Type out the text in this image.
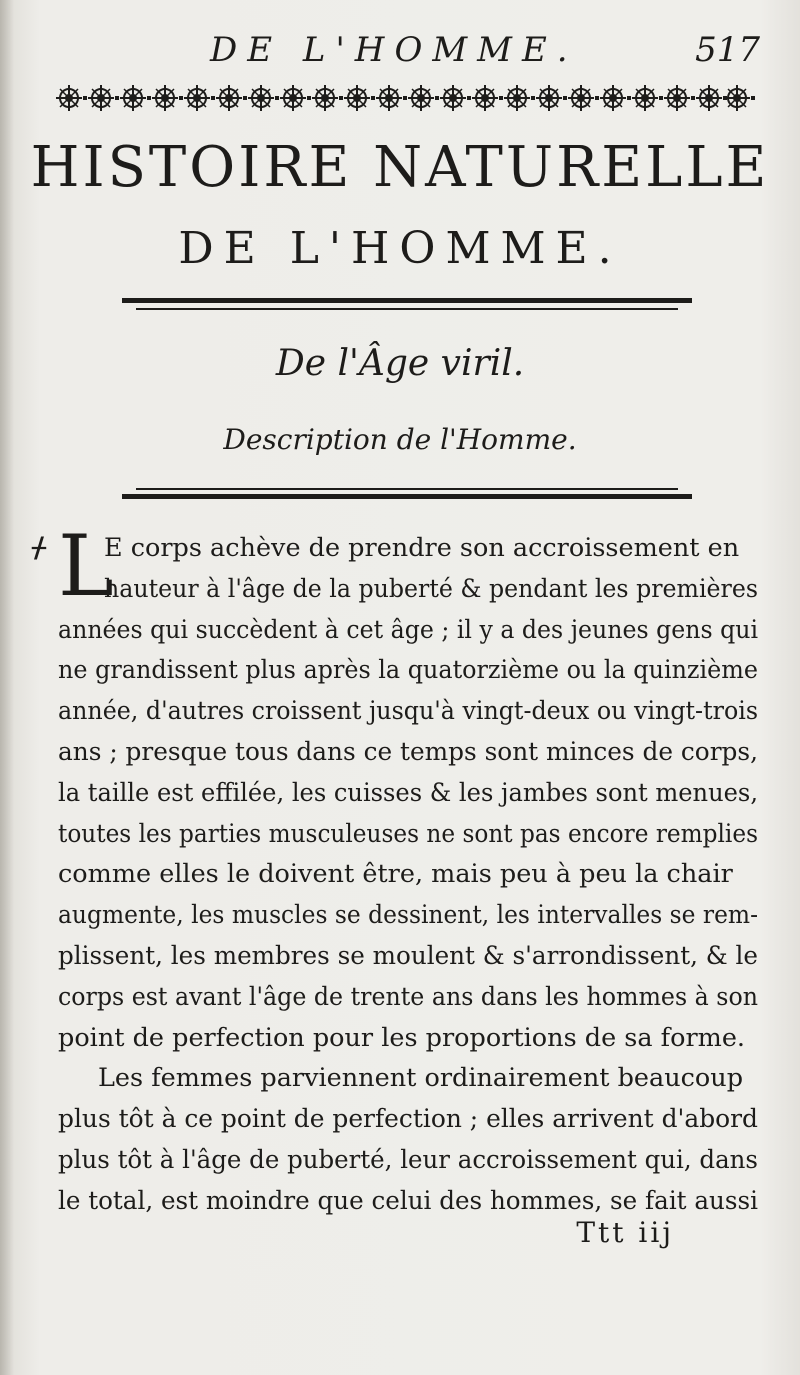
DE L'HOMME.	517
HISTOIRE NATURELLE
DE L'HOMME.
De l'Âge viril.
Description de l'Homme.
ᚋ L
E corps achève de prendre son accroissement en
hauteur à l'âge de la puberté & pendant les premières
années qui succèdent à cet âge ; il y a des jeunes gens qui
ne grandissent plus après la quatorzième ou la quinzième
année, d'autres croissent jusqu'à vingt-deux ou vingt-trois
ans ; presque tous dans ce temps sont minces de corps,
la taille est effilée, les cuisses & les jambes sont menues,
toutes les parties musculeuses ne sont pas encore remplies
comme elles le doivent être, mais peu à peu la chair
augmente, les muscles se dessinent, les intervalles se rem-
plissent, les membres se moulent & s'arrondissent, & le
corps est avant l'âge de trente ans dans les hommes à son
point de perfection pour les proportions de sa forme.
Les femmes parviennent ordinairement beaucoup
plus tôt à ce point de perfection ; elles arrivent d'abord
plus tôt à l'âge de puberté, leur accroissement qui, dans
le total, est moindre que celui des hommes, se fait aussi
Ttt iij
